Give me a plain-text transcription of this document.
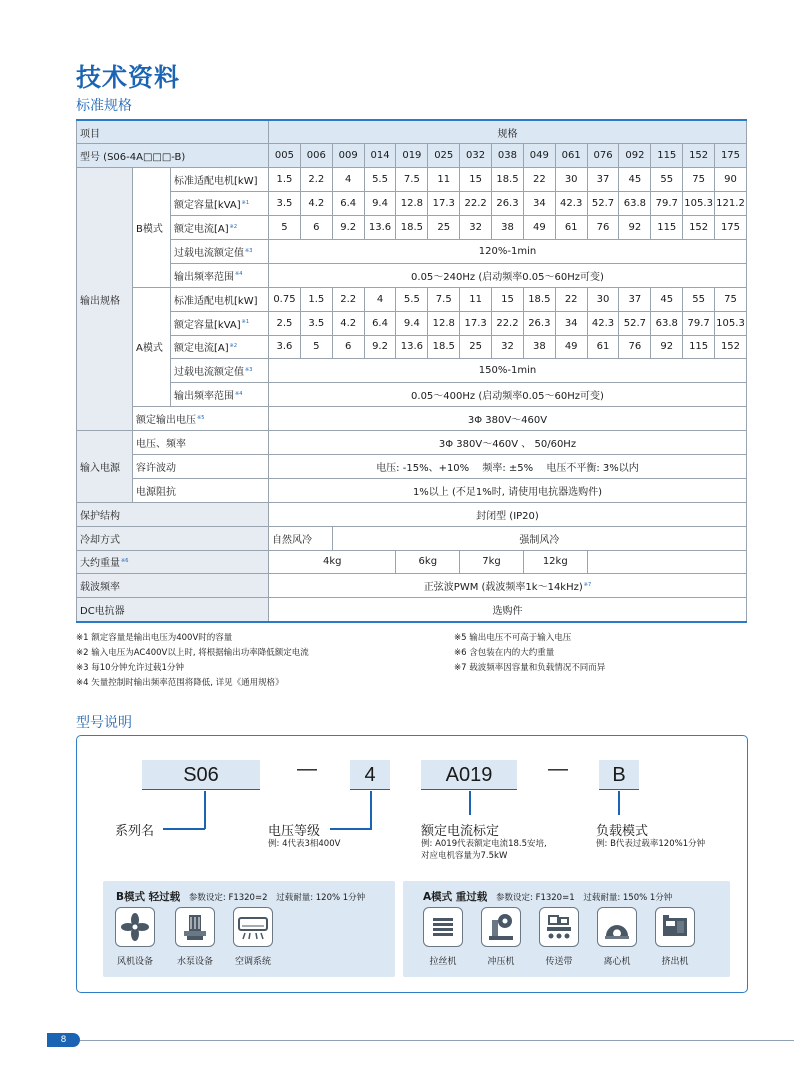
技术资料
标准规格
项目	规格
型号 (S06-4A□□□-B)	005	006	009	014	019	025	032	038	049	061	076	092	115	152	175
输出规格	B模式	标准适配电机[kW]	1.5	2.2	4	5.5	7.5	11	15	18.5	22	30	37	45	55	75	90
额定容量[kVA]$^{※1}$	3.5	4.2	6.4	9.4	12.8	17.3	22.2	26.3	34	42.3	52.7	63.8	79.7	105.3	121.2
额定电流$[A]^{※2}$	5	6	9.2	13.6	18.5	25	32	38	49	61	76	92	115	152	175
过载电流额定值$^{※3}$	120%-1min
输出频率范围$^{※4}$	0.05～240Hz (启动频率0.05～60Hz可变)
A模式	标准适配电机[kW]	0.75	1.5	2.2	4	5.5	7.5	11	15	18.5	22	30	37	45	55	75
额定容量[kVA]$^{※1}$	2.5	3.5	4.2	6.4	9.4	12.8	17.3	22.2	26.3	34	42.3	52.7	63.8	79.7	105.3
额定电流$[A]^{※2}$	3.6	5	6	9.2	13.6	18.5	25	32	38	49	61	76	92	115	152
过载电流额定值$^{※3}$	150%-1min
输出频率范围$^{※4}$	0.05～400Hz (启动频率0.05～60Hz可变)
额定输出电压$^{※5}$	3Φ 380V～460V
输入电源	电压、频率	3Φ 380V～460V 、 50/60Hz
容许波动	电压: -15%、+10%　 频率: ±5%　 电压不平衡: 3%以内
电源阻抗	1%以上 (不足1%时, 请使用电抗器选购件)
保护结构	封闭型 (IP20)
冷却方式	自然风冷	强制风冷
大约重量$^{※6}$	4kg	6kg	7kg	12kg	
载波频率	正弦波PWM (载波频率1k～14kHz)$^{※7}$
DC电抗器	选购件
※1 额定容量是输出电压为400V时的容量
※2 输入电压为AC400V以上时, 将根据输出功率降低额定电流
※3 每10分钟允许过载1分钟
※4 矢量控制时输出频率范围将降低, 详见《通用规格》
※5 输出电压不可高于输入电压
※6 含包装在内的大约重量
※7 载波频率因容量和负载情况不同而异
型号说明
S06	—	4	A019	—	B
系列名	电压等级
例: 4代表3相400V
额定电流标定
例: A019代表额定电流18.5安培,
对应电机容量为7.5kW
负载模式
例: B代表过载率120%1分钟
B模式 轻过载 参数设定: F1320=2 过载耐量: 120% 1分钟
风机设备	水泵设备	空调系统
A模式 重过载 参数设定: F1320=1 过载耐量: 150% 1分钟
拉丝机	冲压机	传送带	离心机	挤出机
8
